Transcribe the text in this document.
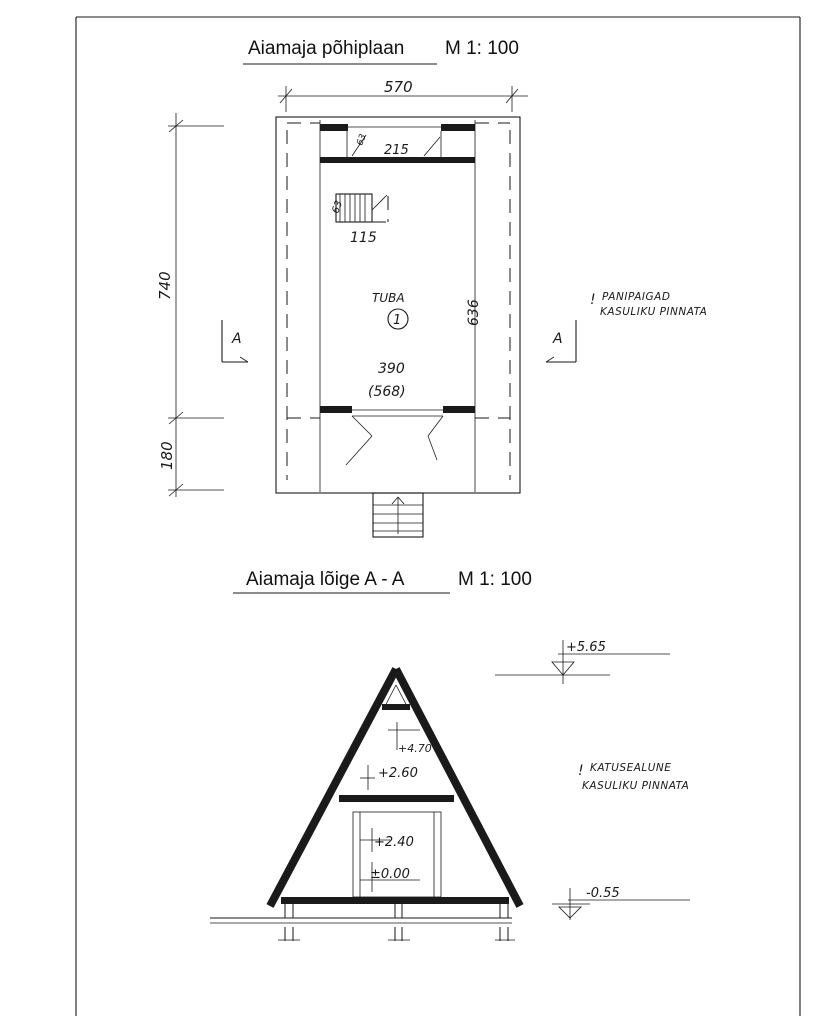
Aiamaja põhiplaan M 1: 100
570
215
63
63
115
TUBA
1	636
390
(568)
740
180
A	A
! PANIPAIGAD
KASULIKU PINNATA
Aiamaja lõige A - A	M 1: 100
+5.65
+4.70
+2.60
+2.40
±0.00
-0.55
! KATUSEALUNE
KASULIKU PINNATA
